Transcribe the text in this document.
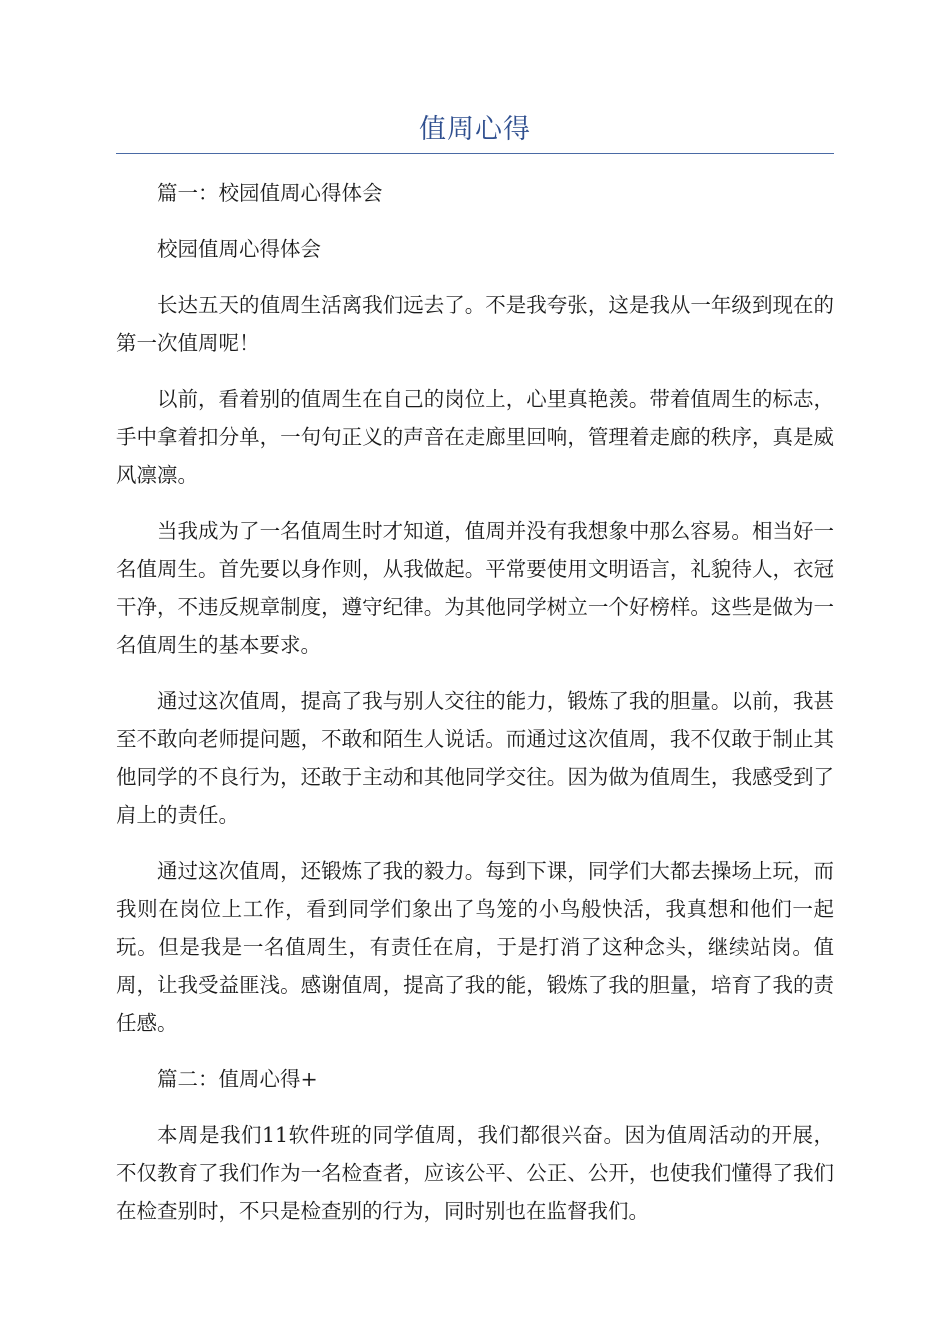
值周心得

篇一：校园值周心得体会

校园值周心得体会

长达五天的值周生活离我们远去了。不是我夸张，这是我从一年级到现在的第一次值周呢！

以前，看着别的值周生在自己的岗位上，心里真艳羡。带着值周生的标志，手中拿着扣分单，一句句正义的声音在走廊里回响，管理着走廊的秩序，真是威风凛凛。

当我成为了一名值周生时才知道，值周并没有我想象中那么容易。相当好一名值周生。首先要以身作则，从我做起。平常要使用文明语言，礼貌待人，衣冠干净，不违反规章制度，遵守纪律。为其他同学树立一个好榜样。这些是做为一名值周生的基本要求。

通过这次值周，提高了我与别人交往的能力，锻炼了我的胆量。以前，我甚至不敢向老师提问题，不敢和陌生人说话。而通过这次值周，我不仅敢于制止其他同学的不良行为，还敢于主动和其他同学交往。因为做为值周生，我感受到了肩上的责任。

通过这次值周，还锻炼了我的毅力。每到下课，同学们大都去操场上玩，而我则在岗位上工作，看到同学们象出了鸟笼的小鸟般快活，我真想和他们一起玩。但是我是一名值周生，有责任在肩，于是打消了这种念头，继续站岗。值周，让我受益匪浅。感谢值周，提高了我的能，锻炼了我的胆量，培育了我的责任感。

篇二：值周心得+

本周是我们11软件班的同学值周，我们都很兴奋。因为值周活动的开展，不仅教育了我们作为一名检查者，应该公平、公正、公开，也使我们懂得了我们在检查别时，不只是检查别的行为，同时别也在监督我们。
